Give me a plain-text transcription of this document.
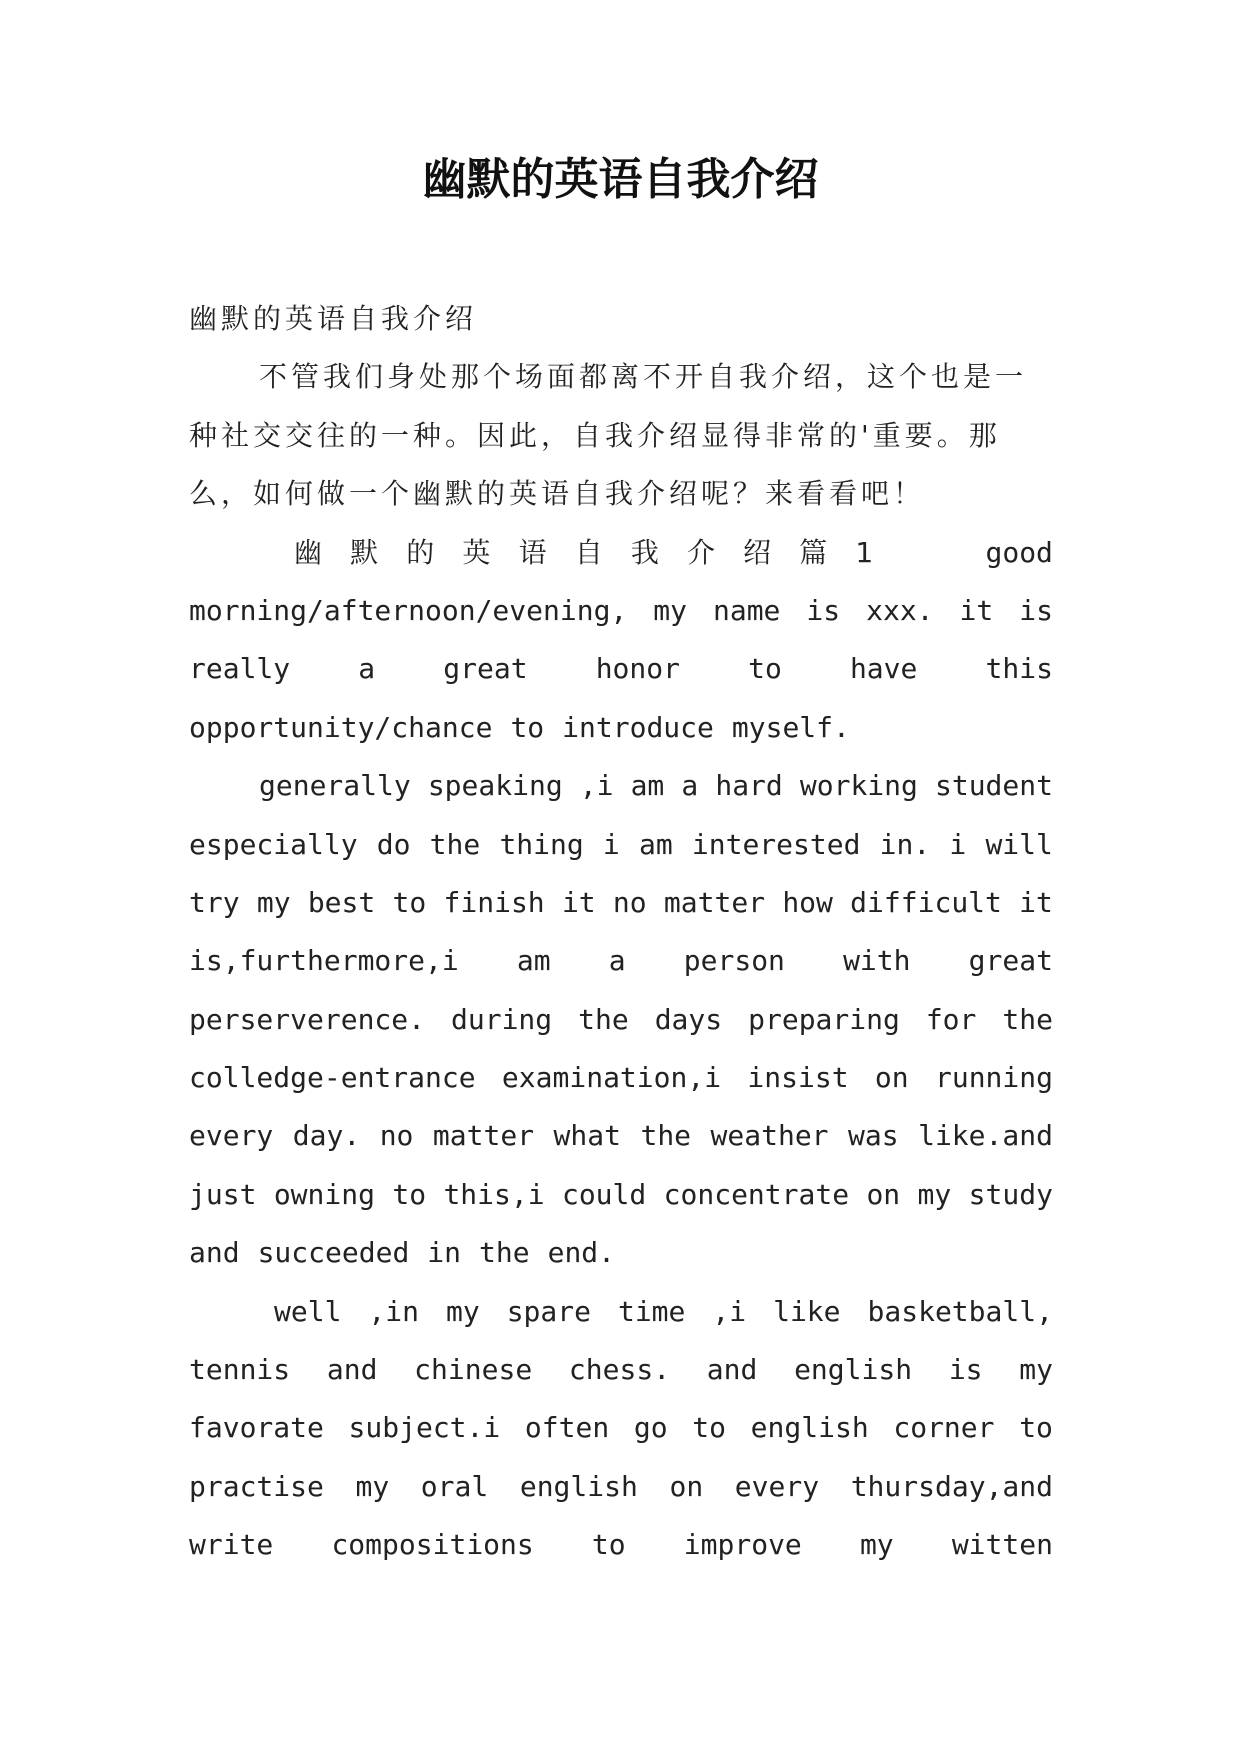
幽默的英语自我介绍
幽默的英语自我介绍
不管我们身处那个场面都离不开自我介绍，这个也是一
种社交交往的一种。因此，自我介绍显得非常的'重要。那
么，如何做一个幽默的英语自我介绍呢？来看看吧！
幽 默 的 英 语 自 我 介 绍 篇 1	good
morning/afternoon/evening, my name is xxx. it is
really a great honor to have this
opportunity/chance to introduce myself.
generally speaking ,i am a hard working student
especially do the thing i am interested in. i will
try my best to finish it no matter how difficult it
is,furthermore,i am a person with great
perserverence. during the days preparing for the
colledge-entrance examination,i insist on running
every day. no matter what the weather was like.and
just owning to this,i could concentrate on my study
and succeeded in the end.
well ,in my spare time ,i like basketball,
tennis and chinese chess. and english is my
favorate subject.i often go to english corner to
practise my oral english on every thursday,and
write compositions to improve my witten
